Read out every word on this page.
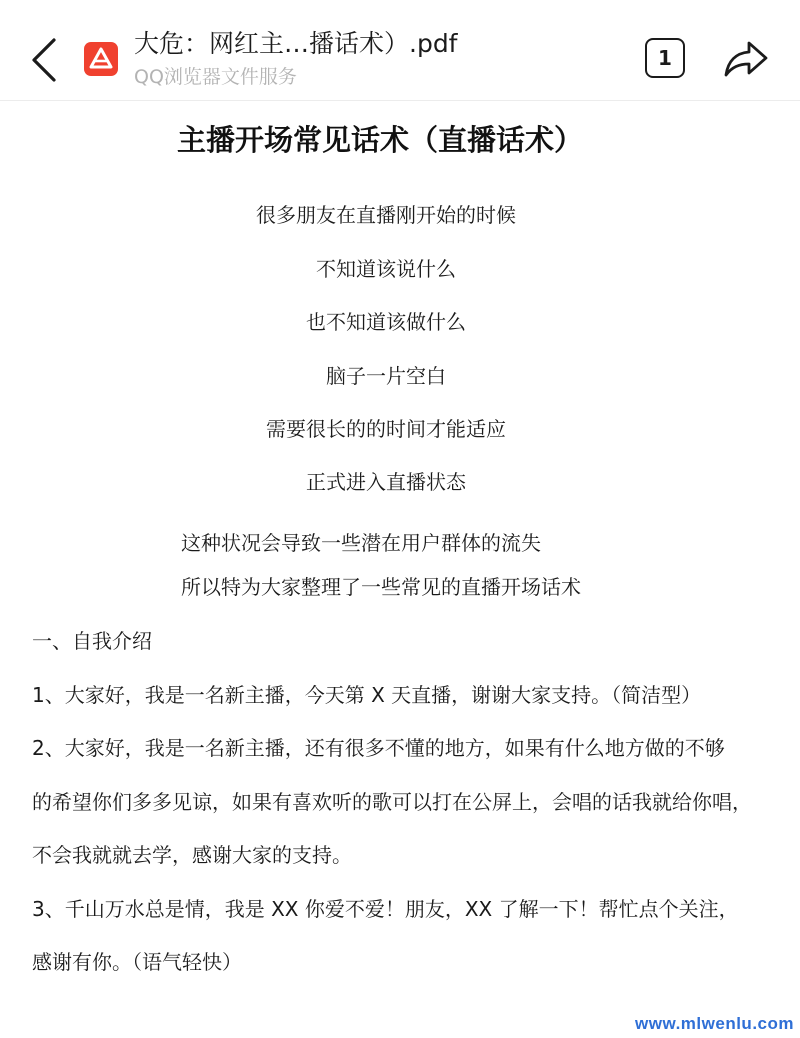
大危：网红主…播话术）.pdf
QQ浏览器文件服务
1
主播开场常见话术（直播话术）
很多朋友在直播刚开始的时候
不知道该说什么
也不知道该做什么
脑子一片空白
需要很长的的时间才能适应
正式进入直播状态
这种状况会导致一些潜在用户群体的流失
所以特为大家整理了一些常见的直播开场话术
一、自我介绍
1、大家好，我是一名新主播，今天第 X 天直播，谢谢大家支持。（简洁型）
2、大家好，我是一名新主播，还有很多不懂的地方，如果有什么地方做的不够
的希望你们多多见谅，如果有喜欢听的歌可以打在公屏上，会唱的话我就给你唱，
不会我就就去学，感谢大家的支持。
3、千山万水总是情，我是 XX 你爱不爱！朋友，XX 了解一下！帮忙点个关注，
感谢有你。（语气轻快）
www.mlwenlu.com
